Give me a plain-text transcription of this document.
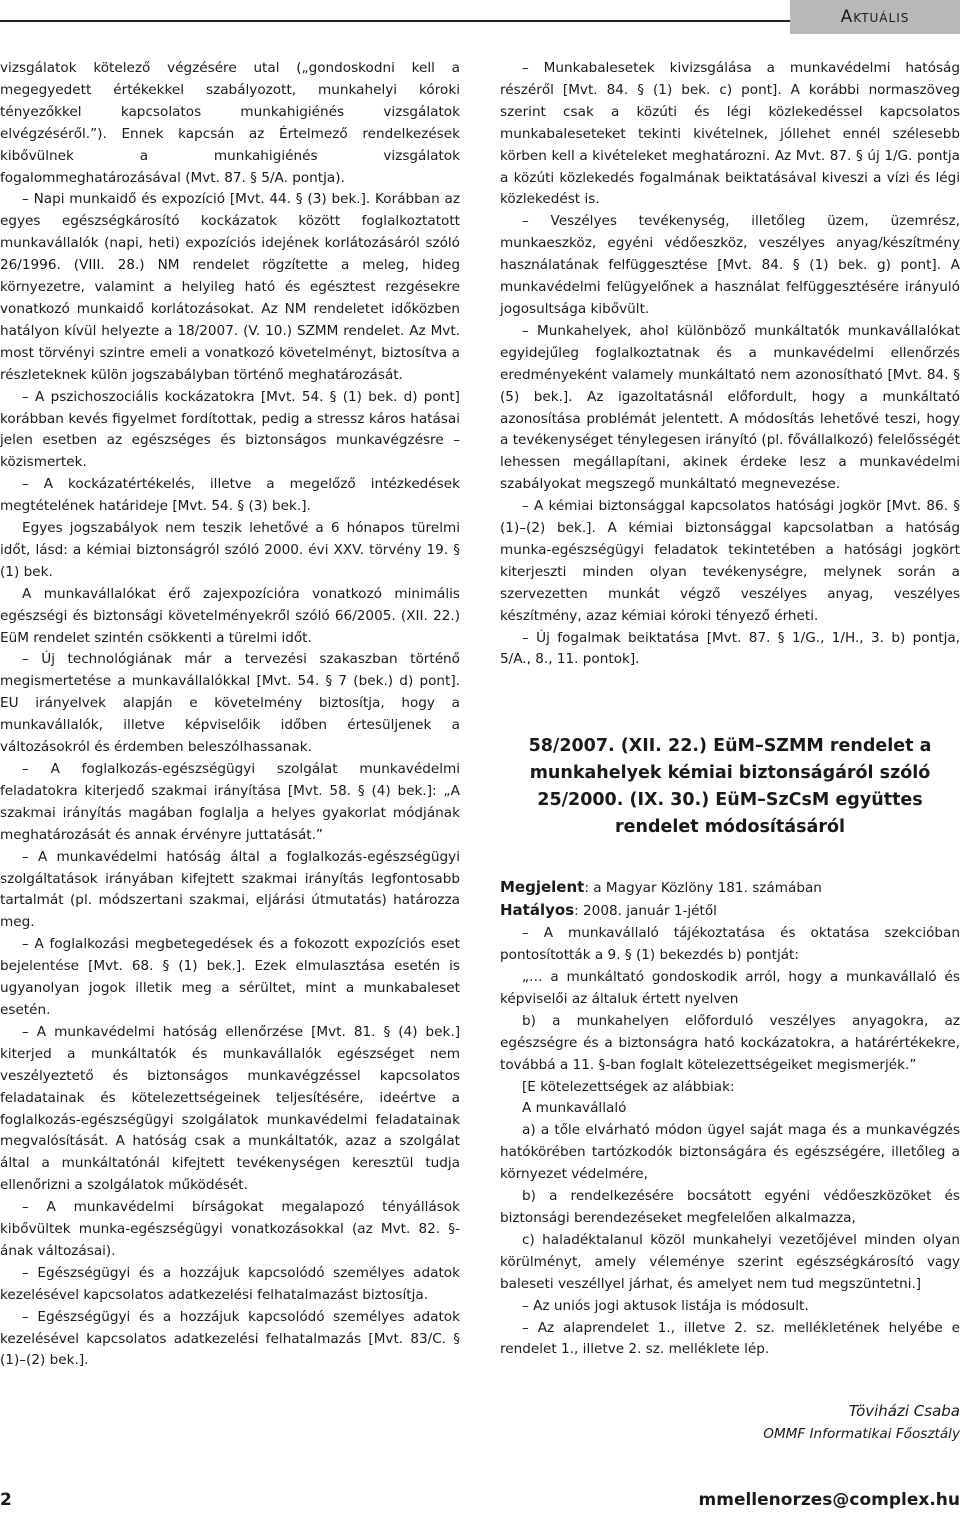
Aktuális

vizsgálatok kötelező végzésére utal („gondoskodni kell a megegyedett értékekkel szabályozott, munkahelyi kóroki tényezőkkel kapcsolatos munkahigiénés vizsgálatok elvégzéséről.”). Ennek kapcsán az Értelmező rendelkezések kibővülnek a munkahigiénés vizsgálatok fogalommeghatározásával (Mvt. 87. § 5/A. pontja).

– Napi munkaidő és expozíció [Mvt. 44. § (3) bek.]. Korábban az egyes egészségkárosító kockázatok között foglalkoztatott munkavállalók (napi, heti) expozíciós idejének korlátozásáról szóló 26/1996. (VIII. 28.) NM rendelet rögzítette a meleg, hideg környezetre, valamint a helyileg ható és egésztest rezgésekre vonatkozó munkaidő korlátozásokat. Az NM rendeletet időközben hatályon kívül helyezte a 18/2007. (V. 10.) SZMM rendelet. Az Mvt. most törvényi szintre emeli a vonatkozó követelményt, biztosítva a részleteknek külön jogszabályban történő meghatározását.

– A pszichoszociális kockázatokra [Mvt. 54. § (1) bek. d) pont] korábban kevés figyelmet fordítottak, pedig a stressz káros hatásai jelen esetben az egészséges és biztonságos munkavégzésre – közismertek.

– A kockázatértékelés, illetve a megelőző intézkedések megtételének határideje [Mvt. 54. § (3) bek.].

Egyes jogszabályok nem teszik lehetővé a 6 hónapos türelmi időt, lásd: a kémiai biztonságról szóló 2000. évi XXV. törvény 19. § (1) bek.

A munkavállalókat érő zajexpozícióra vonatkozó minimális egészségi és biztonsági követelményekről szóló 66/2005. (XII. 22.) EüM rendelet szintén csökkenti a türelmi időt.

– Új technológiának már a tervezési szakaszban történő megismertetése a munkavállalókkal [Mvt. 54. § 7 (bek.) d) pont]. EU irányelvek alapján e követelmény biztosítja, hogy a munkavállalók, illetve képviselőik időben értesüljenek a változásokról és érdemben beleszólhassanak.

– A foglalkozás-egészségügyi szolgálat munkavédelmi feladatokra kiterjedő szakmai irányítása [Mvt. 58. § (4) bek.]: „A szakmai irányítás magában foglalja a helyes gyakorlat módjának meghatározását és annak érvényre juttatását.”

– A munkavédelmi hatóság által a foglalkozás-egészségügyi szolgáltatások irányában kifejtett szakmai irányítás legfontosabb tartalmát (pl. módszertani szakmai, eljárási útmutatás) határozza meg.

– A foglalkozási megbetegedések és a fokozott expozíciós eset bejelentése [Mvt. 68. § (1) bek.]. Ezek elmulasztása esetén is ugyanolyan jogok illetik meg a sérültet, mint a munkabaleset esetén.

– A munkavédelmi hatóság ellenőrzése [Mvt. 81. § (4) bek.] kiterjed a munkáltatók és munkavállalók egészséget nem veszélyeztető és biztonságos munkavégzéssel kapcsolatos feladatainak és kötelezettségeinek teljesítésére, ideértve a foglalkozás-egészségügyi szolgálatok munkavédelmi feladatainak megvalósítását. A hatóság csak a munkáltatók, azaz a szolgálat által a munkáltatónál kifejtett tevékenységen keresztül tudja ellenőrizni a szolgálatok működését.

– A munkavédelmi bírságokat megalapozó tényállások kibővültek munka-egészségügyi vonatkozásokkal (az Mvt. 82. §-ának változásai).

– Egészségügyi és a hozzájuk kapcsolódó személyes adatok kezelésével kapcsolatos adatkezelési felhatalmazást biztosítja.

– Egészségügyi és a hozzájuk kapcsolódó személyes adatok kezelésével kapcsolatos adatkezelési felhatalmazás [Mvt. 83/C. § (1)–(2) bek.].

– Munkabalesetek kivizsgálása a munkavédelmi hatóság részéről [Mvt. 84. § (1) bek. c) pont]. A korábbi normaszöveg szerint csak a közúti és légi közlekedéssel kapcsolatos munkabaleseteket tekinti kivételnek, jóllehet ennél szélesebb körben kell a kivételeket meghatározni. Az Mvt. 87. § új 1/G. pontja a közúti közlekedés fogalmának beiktatásával kiveszi a vízi és légi közlekedést is.

– Veszélyes tevékenység, illetőleg üzem, üzemrész, munkaeszköz, egyéni védőeszköz, veszélyes anyag/készítmény használatának felfüggesztése [Mvt. 84. § (1) bek. g) pont]. A munkavédelmi felügyelőnek a használat felfüggesztésére irányuló jogosultsága kibővült.

– Munkahelyek, ahol különböző munkáltatók munkavállalókat egyidejűleg foglalkoztatnak és a munkavédelmi ellenőrzés eredményeként valamely munkáltató nem azonosítható [Mvt. 84. § (5) bek.]. Az igazoltatásnál előfordult, hogy a munkáltató azonosítása problémát jelentett. A módosítás lehetővé teszi, hogy a tevékenységet ténylegesen irányító (pl. fővállalkozó) felelősségét lehessen megállapítani, akinek érdeke lesz a munkavédelmi szabályokat megszegő munkáltató megnevezése.

– A kémiai biztonsággal kapcsolatos hatósági jogkör [Mvt. 86. § (1)–(2) bek.]. A kémiai biztonsággal kapcsolatban a hatóság munka-egészségügyi feladatok tekintetében a hatósági jogkört kiterjeszti minden olyan tevékenységre, melynek során a szervezetten munkát végző veszélyes anyag, veszélyes készítmény, azaz kémiai kóroki tényező érheti.

– Új fogalmak beiktatása [Mvt. 87. § 1/G., 1/H., 3. b) pontja, 5/A., 8., 11. pontok].

58/2007. (XII. 22.) EüM–SZMM rendelet a munkahelyek kémiai biztonságáról szóló 25/2000. (IX. 30.) EüM–SzCsM együttes rendelet módosításáról

Megjelent: a Magyar Közlöny 181. számában

Hatályos: 2008. január 1-jétől

– A munkavállaló tájékoztatása és oktatása szekcióban pontosították a 9. § (1) bekezdés b) pontját:

„… a munkáltató gondoskodik arról, hogy a munkavállaló és képviselői az általuk értett nyelven

b) a munkahelyen előforduló veszélyes anyagokra, az egészségre és a biztonságra ható kockázatokra, a határértékekre, továbbá a 11. §-ban foglalt kötelezettségeiket megismerjék.”

[E kötelezettségek az alábbiak:

A munkavállaló

a) a tőle elvárható módon ügyel saját maga és a munkavégzés hatókörében tartózkodók biztonságára és egészségére, illetőleg a környezet védelmére,

b) a rendelkezésére bocsátott egyéni védőeszközöket és biztonsági berendezéseket megfelelően alkalmazza,

c) haladéktalanul közöl munkahelyi vezetőjével minden olyan körülményt, amely véleménye szerint egészségkárosító vagy baleseti veszéllyel járhat, és amelyet nem tud megszüntetni.]

– Az uniós jogi aktusok listája is módosult.

– Az alaprendelet 1., illetve 2. sz. mellékletének helyébe e rendelet 1., illetve 2. sz. melléklete lép.

Töviházi Csaba
OMMF Informatikai Főosztály
2	mmellenorzes@complex.hu
